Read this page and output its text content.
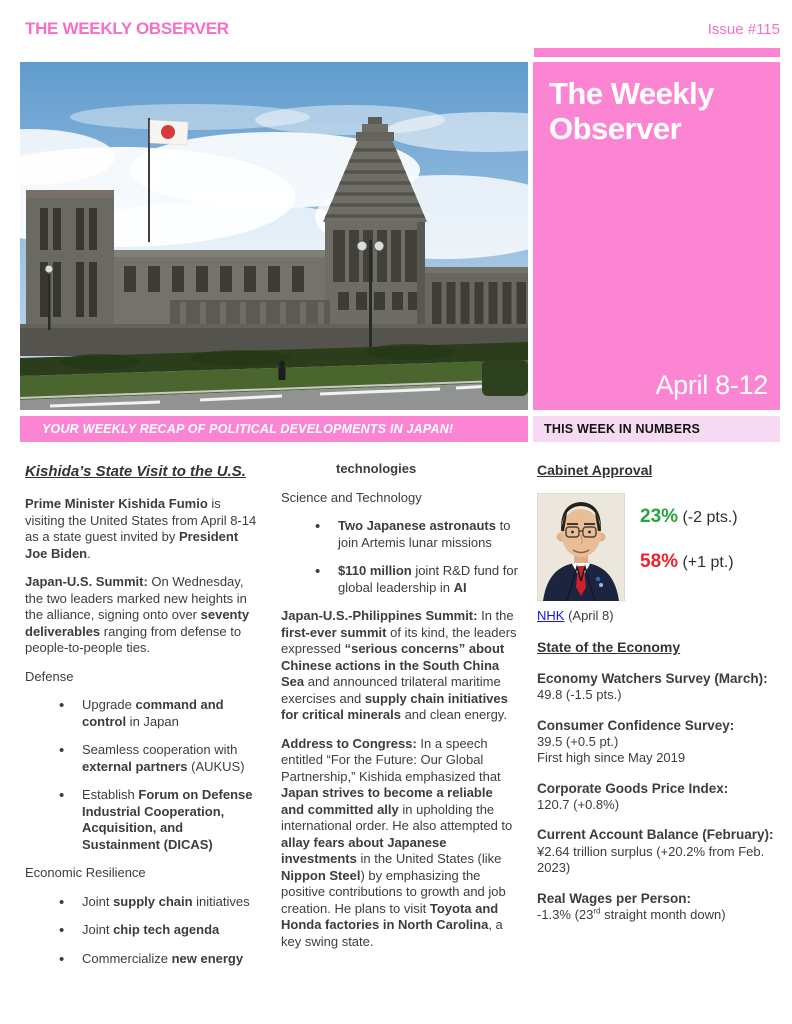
THE WEEKLY OBSERVER	Issue #115
The Weekly Observer
April 8-12
YOUR WEEKLY RECAP OF POLITICAL DEVELOPMENTS IN JAPAN!	THIS WEEK IN NUMBERS
Kishida’s State Visit to the U.S.

Prime Minister Kishida Fumio is visiting the United States from April 8-14 as a state guest invited by President Joe Biden.

Japan-U.S. Summit: On Wednesday, the two leaders marked new heights in the alliance, signing onto over seventy deliverables ranging from defense to people-to-people ties.

Defense
• Upgrade command and control in Japan
• Seamless cooperation with external partners (AUKUS)
• Establish Forum on Defense Industrial Cooperation, Acquisition, and Sustainment (DICAS)
Economic Resilience
• Joint supply chain initiatives
• Joint chip tech agenda
• Commercialize new energy
technologies
Science and Technology
• Two Japanese astronauts to join Artemis lunar missions
• $110 million joint R&D fund for global leadership in AI

Japan-U.S.-Philippines Summit: In the first-ever summit of its kind, the leaders expressed “serious concerns” about Chinese actions in the South China Sea and announced trilateral maritime exercises and supply chain initiatives for critical minerals and clean energy.

Address to Congress: In a speech entitled “For the Future: Our Global Partnership,” Kishida emphasized that Japan strives to become a reliable and committed ally in upholding the international order. He also attempted to allay fears about Japanese investments in the United States (like Nippon Steel) by emphasizing the positive contributions to growth and job creation. He plans to visit Toyota and Honda factories in North Carolina, a key swing state.

Cabinet Approval
23% (-2 pts.)
58% (+1 pt.)
NHK (April 8)
State of the Economy
Economy Watchers Survey (March):
49.8 (-1.5 pts.)
Consumer Confidence Survey:
39.5 (+0.5 pt.)
First high since May 2019
Corporate Goods Price Index:
120.7 (+0.8%)
Current Account Balance (February):
¥2.64 trillion surplus (+20.2% from Feb. 2023)
Real Wages per Person:
-1.3% (23rd straight month down)
